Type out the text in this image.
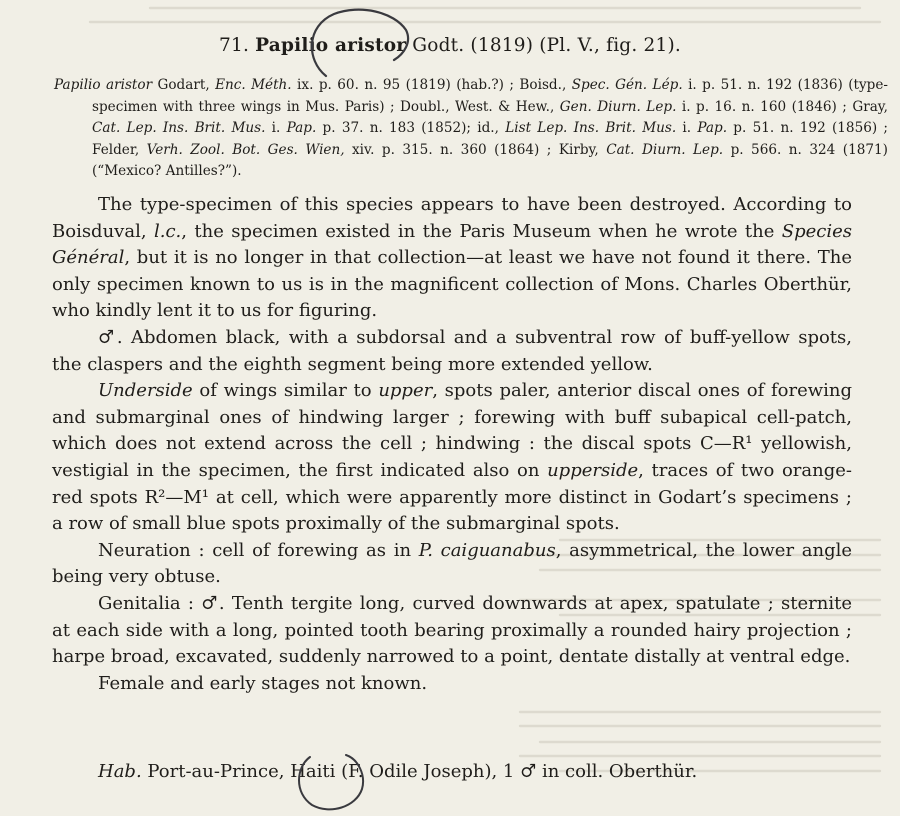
71. Papilio aristor Godt. (1819) (Pl. V., fig. 21).
Papilio aristor Godart, Enc. Méth. ix. p. 60. n. 95 (1819) (hab.?) ; Boisd., Spec. Gén. Lép. i. p. 51. n. 192 (1836) (type-specimen with three wings in Mus. Paris) ; Doubl., West. & Hew., Gen. Diurn. Lep. i. p. 16. n. 160 (1846) ; Gray, Cat. Lep. Ins. Brit. Mus. i. Pap. p. 37. n. 183 (1852); id., List Lep. Ins. Brit. Mus. i. Pap. p. 51. n. 192 (1856) ; Felder, Verh. Zool. Bot. Ges. Wien, xiv. p. 315. n. 360 (1864) ; Kirby, Cat. Diurn. Lep. p. 566. n. 324 (1871) (“Mexico? Antilles?”).

The type-specimen of this species appears to have been destroyed. According to Boisduval, l.c., the specimen existed in the Paris Museum when he wrote the Species Général, but it is no longer in that collection—at least we have not found it there. The only specimen known to us is in the magnificent collection of Mons. Charles Oberthür, who kindly lent it to us for figuring.

♂. Abdomen black, with a subdorsal and a subventral row of buff-yellow spots, the claspers and the eighth segment being more extended yellow.

Underside of wings similar to upper, spots paler, anterior discal ones of forewing and submarginal ones of hindwing larger ; forewing with buff subapical cell-patch, which does not extend across the cell ; hindwing : the discal spots C—R¹ yellowish, vestigial in the specimen, the first indicated also on upperside, traces of two orange-red spots R²—M¹ at cell, which were apparently more distinct in Godart’s specimens ; a row of small blue spots proximally of the submarginal spots.

Neuration : cell of forewing as in P. caiguanabus, asymmetrical, the lower angle being very obtuse.

Genitalia : ♂. Tenth tergite long, curved downwards at apex, spatulate ; sternite at each side with a long, pointed tooth bearing proximally a rounded hairy projection ; harpe broad, excavated, suddenly narrowed to a point, dentate distally at ventral edge.

Female and early stages not known.

Hab. Port-au-Prince, Haiti (F. Odile Joseph), 1 ♂ in coll. Oberthür.
